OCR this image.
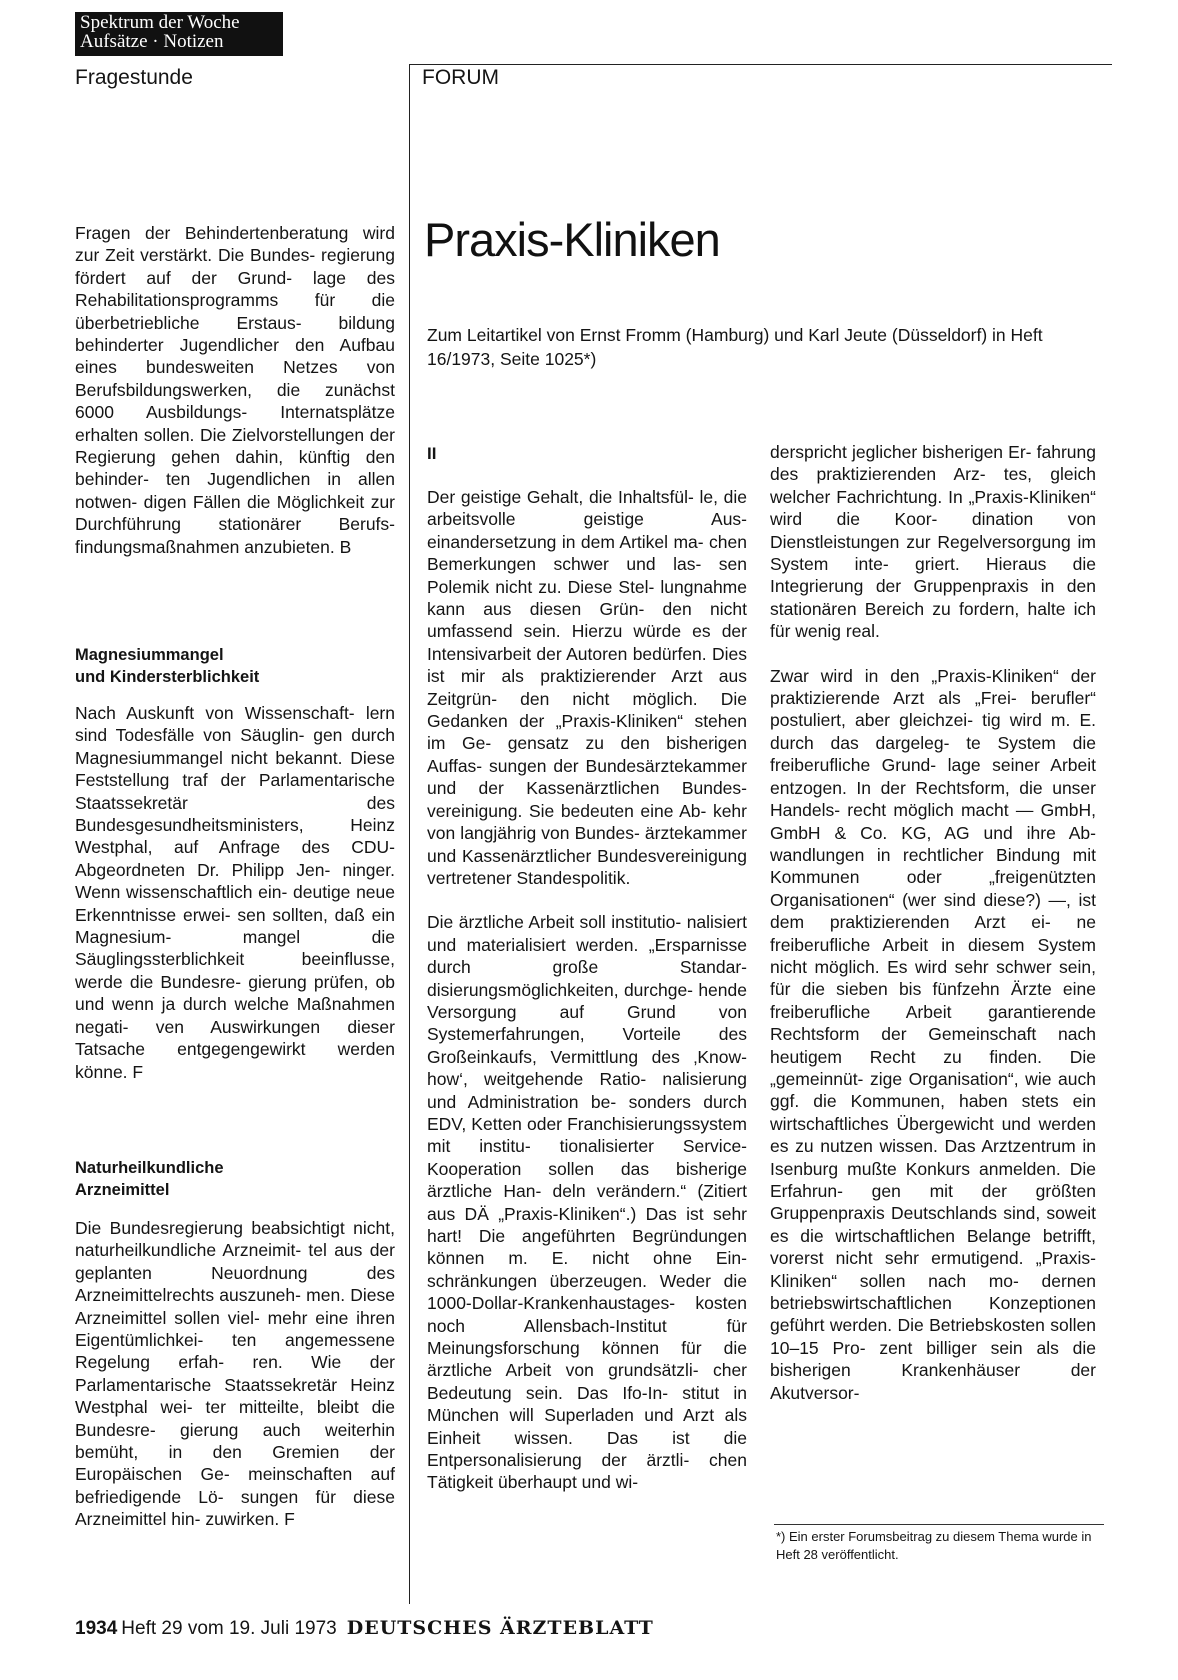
Spektrum der Woche
Aufsätze · Notizen
Fragestunde	FORUM

Fragen der Behindertenberatung wird zur Zeit verstärkt. Die Bundes- regierung fördert auf der Grund- lage des Rehabilitationsprogramms für die überbetriebliche Erstaus- bildung behinderter Jugendlicher den Aufbau eines bundesweiten Netzes von Berufsbildungswerken, die zunächst 6000 Ausbildungs- Internatsplätze erhalten sollen. Die Zielvorstellungen der Regierung gehen dahin, künftig den behinder- ten Jugendlichen in allen notwen- digen Fällen die Möglichkeit zur Durchführung stationärer Berufs- findungsmaßnahmen anzubieten. B

Magnesiummangel
und Kindersterblichkeit

Nach Auskunft von Wissenschaft- lern sind Todesfälle von Säuglin- gen durch Magnesiummangel nicht bekannt. Diese Feststellung traf der Parlamentarische Staatssekretär des Bundesgesundheitsministers, Heinz Westphal, auf Anfrage des CDU-Abgeordneten Dr. Philipp Jen- ninger. Wenn wissenschaftlich ein- deutige neue Erkenntnisse erwei- sen sollten, daß ein Magnesium- mangel die Säuglingssterblichkeit beeinflusse, werde die Bundesre- gierung prüfen, ob und wenn ja durch welche Maßnahmen negati- ven Auswirkungen dieser Tatsache entgegengewirkt werden könne. F

Naturheilkundliche
Arzneimittel

Die Bundesregierung beabsichtigt nicht, naturheilkundliche Arzneimit- tel aus der geplanten Neuordnung des Arzneimittelrechts auszuneh- men. Diese Arzneimittel sollen viel- mehr eine ihren Eigentümlichkei- ten angemessene Regelung erfah- ren. Wie der Parlamentarische Staatssekretär Heinz Westphal wei- ter mitteilte, bleibt die Bundesre- gierung auch weiterhin bemüht, in den Gremien der Europäischen Ge- meinschaften auf befriedigende Lö- sungen für diese Arzneimittel hin- zuwirken. F

Praxis-Kliniken
Zum Leitartikel von Ernst Fromm (Hamburg) und Karl Jeute (Düsseldorf) in Heft 16/1973, Seite 1025*)
II

Der geistige Gehalt, die Inhaltsfül- le, die arbeitsvolle geistige Aus- einandersetzung in dem Artikel ma- chen Bemerkungen schwer und las- sen Polemik nicht zu. Diese Stel- lungnahme kann aus diesen Grün- den nicht umfassend sein. Hierzu würde es der Intensivarbeit der Autoren bedürfen. Dies ist mir als praktizierender Arzt aus Zeitgrün- den nicht möglich. Die Gedanken der „Praxis-Kliniken“ stehen im Ge- gensatz zu den bisherigen Auffas- sungen der Bundesärztekammer und der Kassenärztlichen Bundes- vereinigung. Sie bedeuten eine Ab- kehr von langjährig von Bundes- ärztekammer und Kassenärztlicher Bundesvereinigung vertretener Standespolitik.

Die ärztliche Arbeit soll institutio- nalisiert und materialisiert werden. „Ersparnisse durch große Standar- disierungsmöglichkeiten, durchge- hende Versorgung auf Grund von Systemerfahrungen, Vorteile des Großeinkaufs, Vermittlung des ‚Know-how‘, weitgehende Ratio- nalisierung und Administration be- sonders durch EDV, Ketten oder Franchisierungssystem mit institu- tionalisierter Service-Kooperation sollen das bisherige ärztliche Han- deln verändern.“ (Zitiert aus DÄ „Praxis-Kliniken“.) Das ist sehr hart! Die angeführten Begründungen können m. E. nicht ohne Ein- schränkungen überzeugen. Weder die 1000-Dollar-Krankenhaustages- kosten noch Allensbach-Institut für Meinungsforschung können für die ärztliche Arbeit von grundsätzli- cher Bedeutung sein. Das Ifo-In- stitut in München will Superladen und Arzt als Einheit wissen. Das ist die Entpersonalisierung der ärztli- chen Tätigkeit überhaupt und wi-

derspricht jeglicher bisherigen Er- fahrung des praktizierenden Arz- tes, gleich welcher Fachrichtung. In „Praxis-Kliniken“ wird die Koor- dination von Dienstleistungen zur Regelversorgung im System inte- griert. Hieraus die Integrierung der Gruppenpraxis in den stationären Bereich zu fordern, halte ich für wenig real.

Zwar wird in den „Praxis-Kliniken“ der praktizierende Arzt als „Frei- berufler“ postuliert, aber gleichzei- tig wird m. E. durch das dargeleg- te System die freiberufliche Grund- lage seiner Arbeit entzogen. In der Rechtsform, die unser Handels- recht möglich macht — GmbH, GmbH & Co. KG, AG und ihre Ab- wandlungen in rechtlicher Bindung mit Kommunen oder „freigenützten Organisationen“ (wer sind diese?) —, ist dem praktizierenden Arzt ei- ne freiberufliche Arbeit in diesem System nicht möglich. Es wird sehr schwer sein, für die sieben bis fünfzehn Ärzte eine freiberufliche Arbeit garantierende Rechtsform der Gemeinschaft nach heutigem Recht zu finden. Die „gemeinnüt- zige Organisation“, wie auch ggf. die Kommunen, haben stets ein wirtschaftliches Übergewicht und werden es zu nutzen wissen. Das Arztzentrum in Isenburg mußte Konkurs anmelden. Die Erfahrun- gen mit der größten Gruppenpraxis Deutschlands sind, soweit es die wirtschaftlichen Belange betrifft, vorerst nicht sehr ermutigend. „Praxis-Kliniken“ sollen nach mo- dernen betriebswirtschaftlichen Konzeptionen geführt werden. Die Betriebskosten sollen 10–15 Pro- zent billiger sein als die bisherigen Krankenhäuser der Akutversor-

*) Ein erster Forumsbeitrag zu diesem Thema wurde in Heft 28 veröffentlicht.
1934 Heft 29 vom 19. Juli 1973 DEUTSCHES ÄRZTEBLATT
